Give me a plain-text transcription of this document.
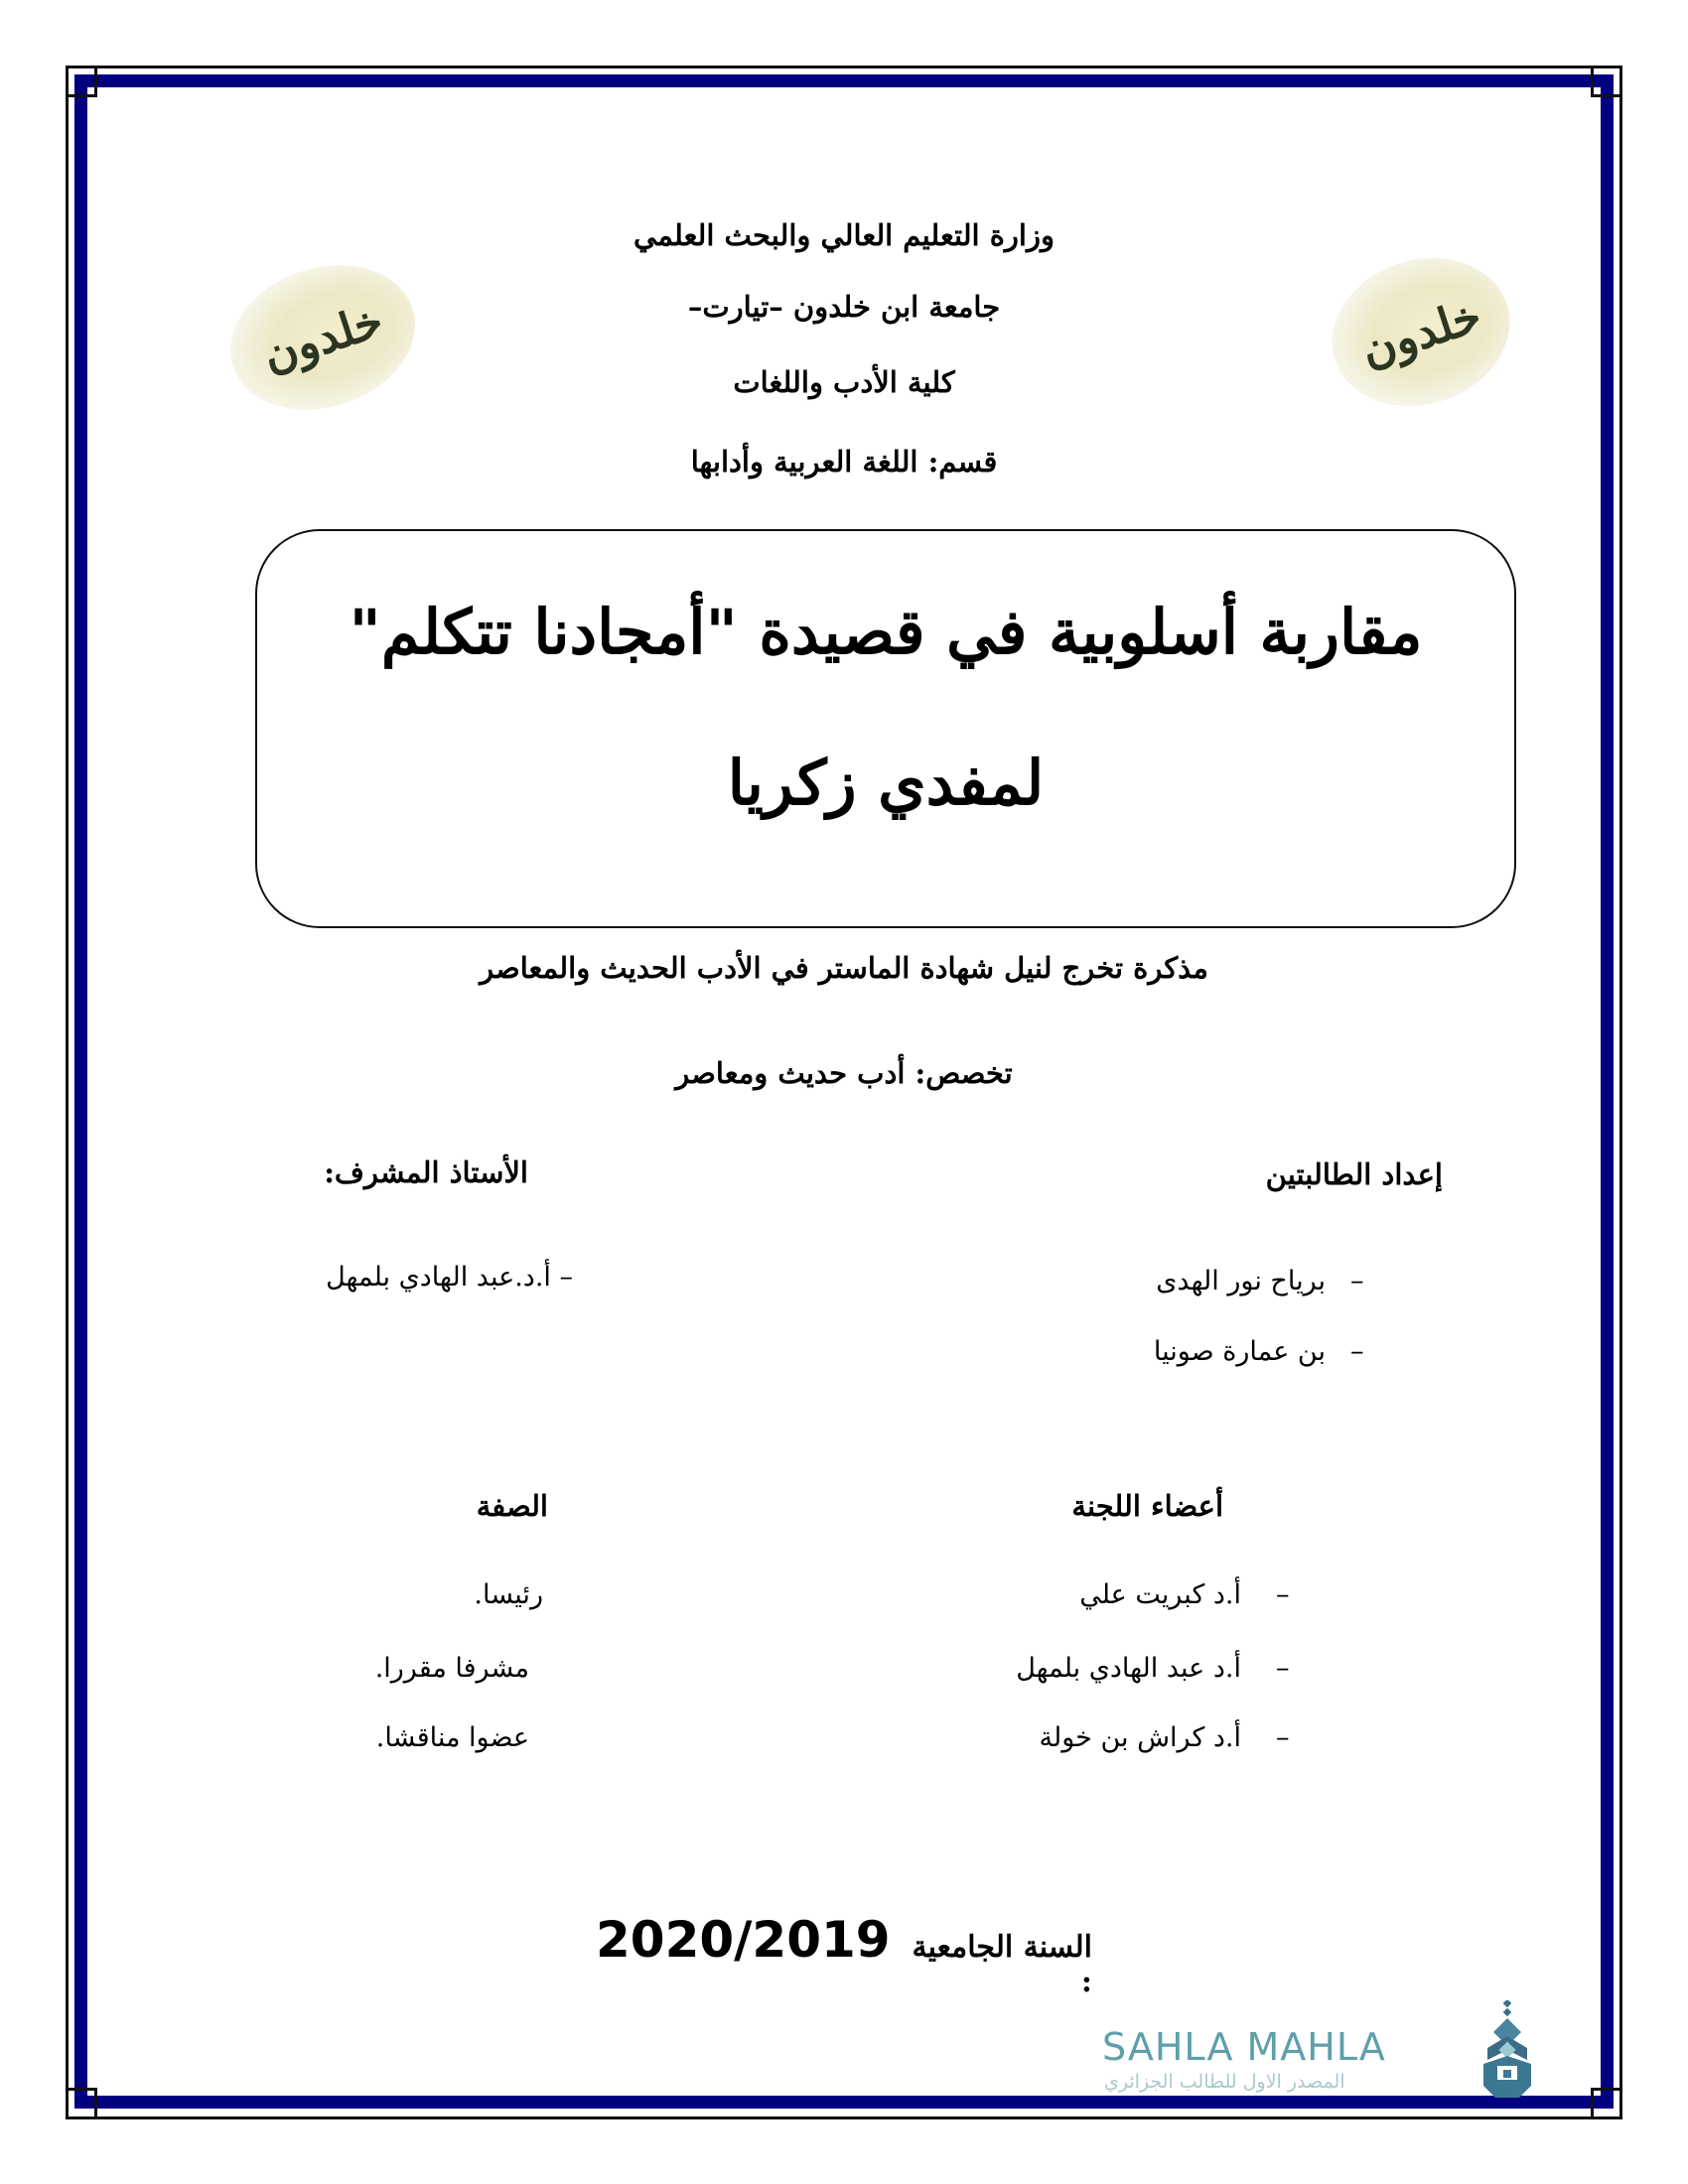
خلدون	خلدون
وزارة التعليم العالي والبحث العلمي
جامعة ابن خلدون –تيارت–
كلية الأدب واللغات
قسم: اللغة العربية وأدابها
مقاربة أسلوبية في قصيدة "أمجادنا تتكلم"
لمفدي زكريا
مذكرة تخرج لنيل شهادة الماستر في الأدب الحديث والمعاصر
تخصص: أدب حديث ومعاصر
إعداد الطالبتين
–
برياح نور الهدى
–
بن عمارة صونيا
الأستاذ المشرف:
– أ.د.عبد الهادي بلمهل
أعضاء اللجنة
الصفة
–
أ.د كبريت علي
رئيسا.
–
أ.د عبد الهادي بلمهل
مشرفا مقررا.
–
أ.د كراش بن خولة
عضوا مناقشا.
2020/2019 السنة الجامعية :
SAHLA MAHLA
المصدر الاول للطالب الجزائري
